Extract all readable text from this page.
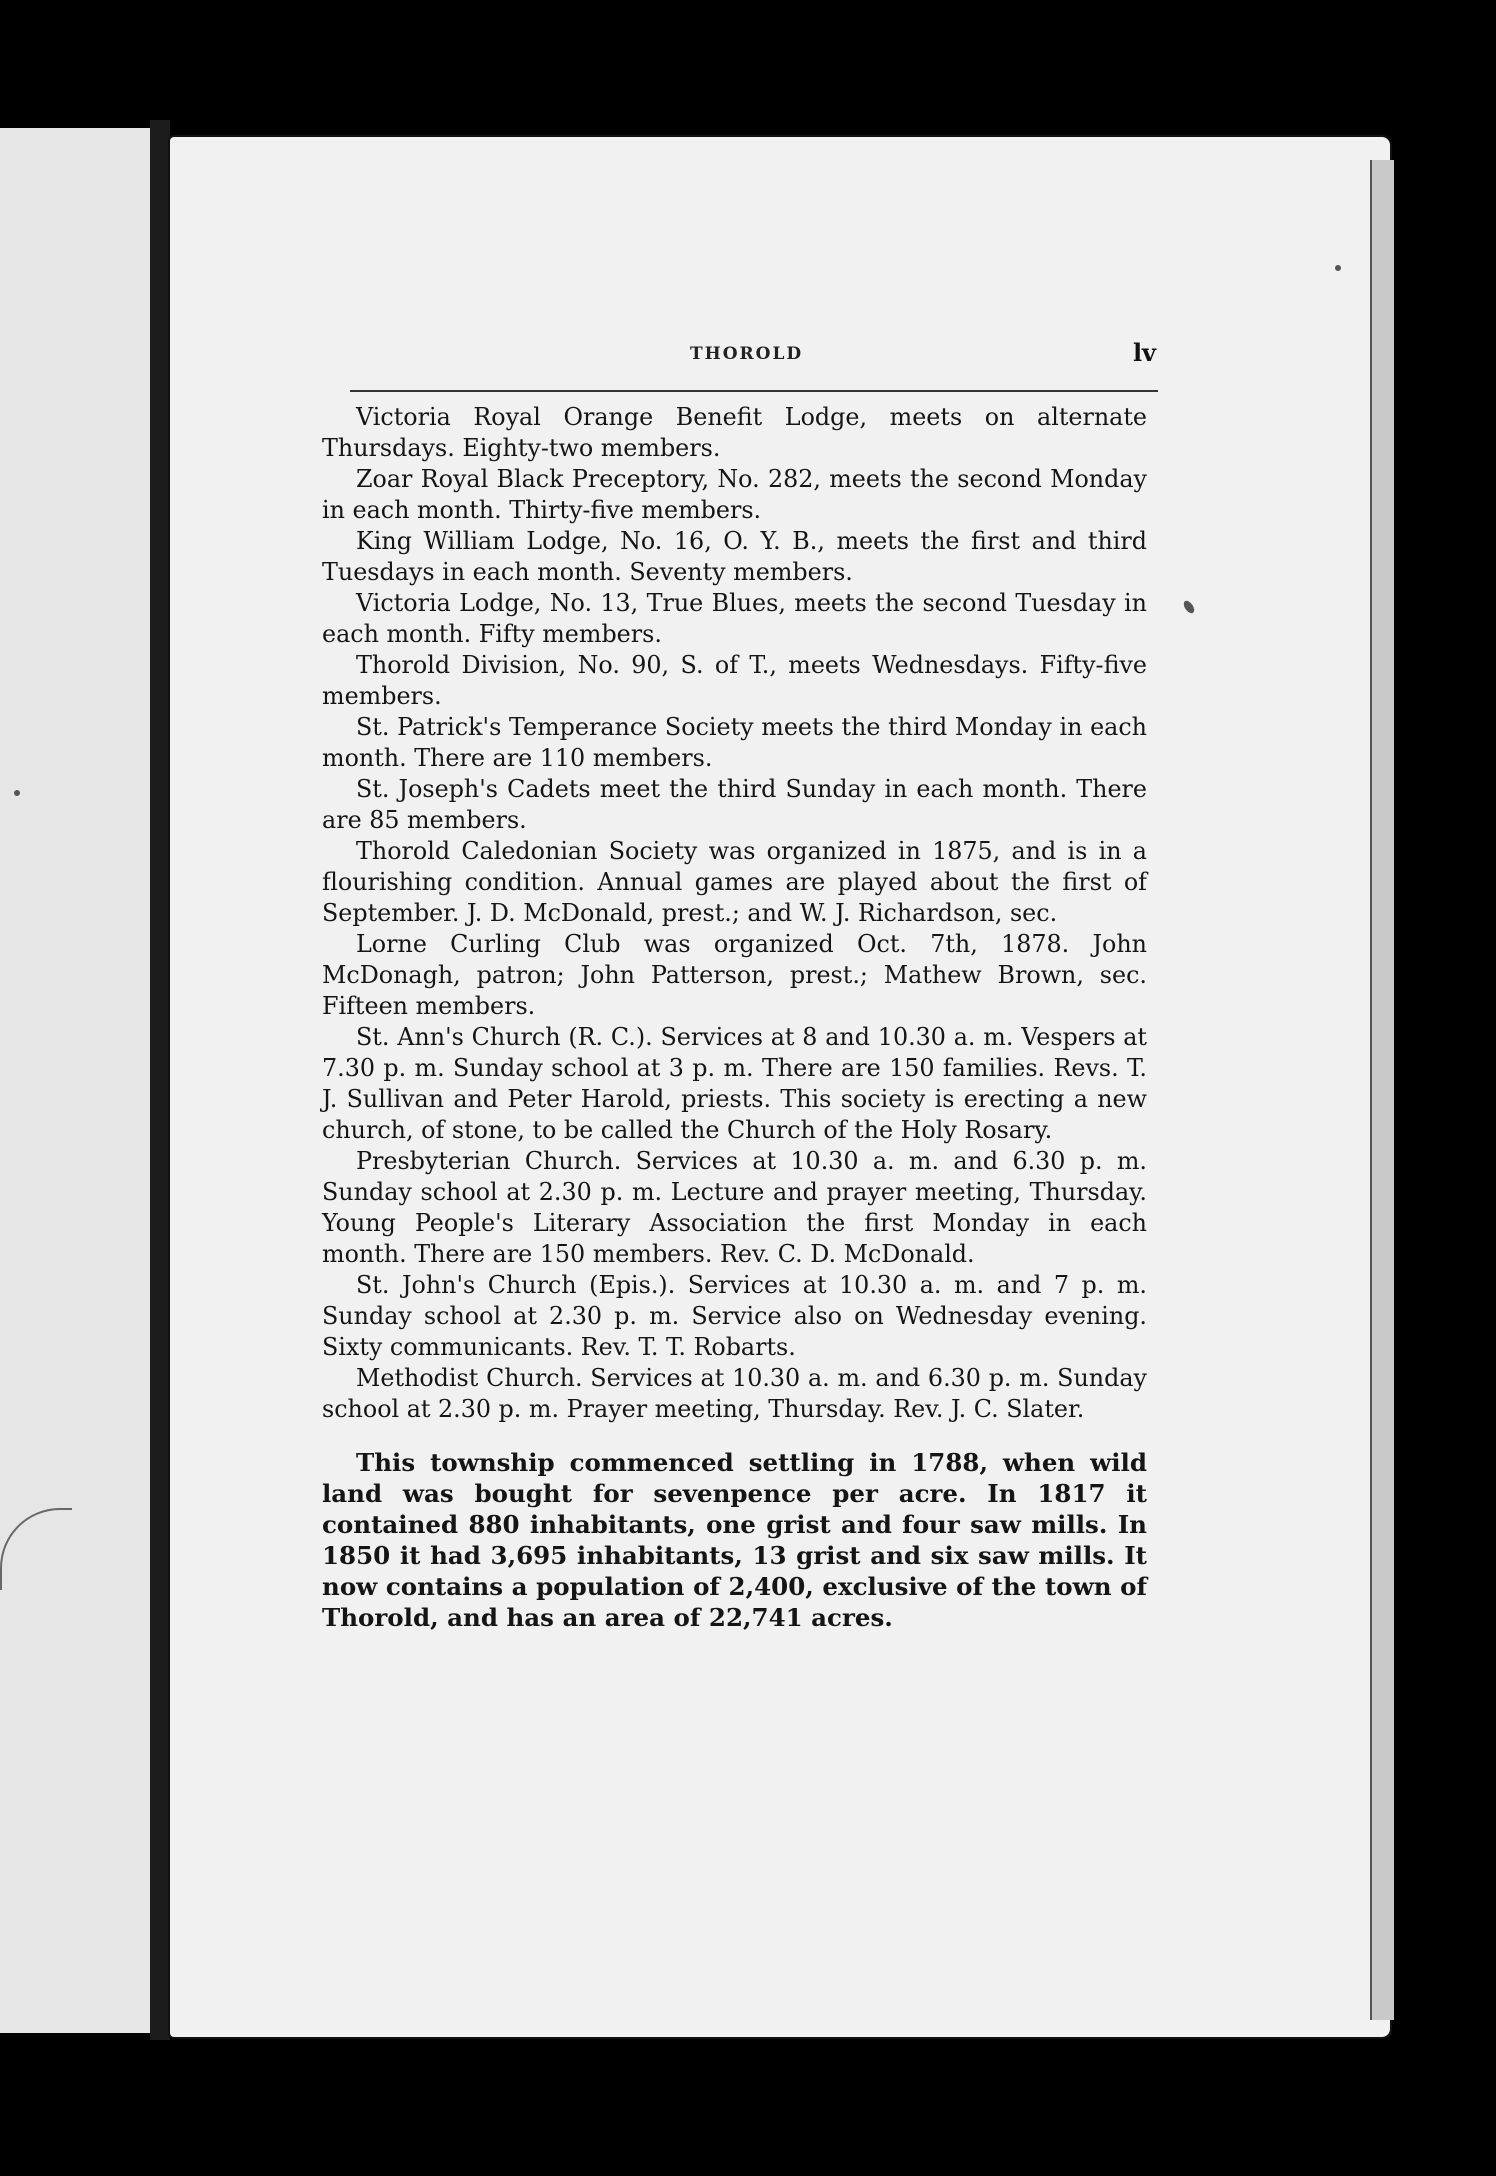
THOROLD	lv

Victoria Royal Orange Benefit Lodge, meets on alternate Thursdays. Eighty-two members.

Zoar Royal Black Preceptory, No. 282, meets the second Monday in each month. Thirty-five members.

King William Lodge, No. 16, O. Y. B., meets the first and third Tuesdays in each month. Seventy members.

Victoria Lodge, No. 13, True Blues, meets the second Tuesday in each month. Fifty members.

Thorold Division, No. 90, S. of T., meets Wednesdays. Fifty-five members.

St. Patrick's Temperance Society meets the third Monday in each month. There are 110 members.

St. Joseph's Cadets meet the third Sunday in each month. There are 85 members.

Thorold Caledonian Society was organized in 1875, and is in a flourishing condition. Annual games are played about the first of September. J. D. McDonald, prest.; and W. J. Richardson, sec.

Lorne Curling Club was organized Oct. 7th, 1878. John McDonagh, patron; John Patterson, prest.; Mathew Brown, sec. Fifteen members.

St. Ann's Church (R. C.). Services at 8 and 10.30 a. m. Vespers at 7.30 p. m. Sunday school at 3 p. m. There are 150 families. Revs. T. J. Sullivan and Peter Harold, priests. This society is erecting a new church, of stone, to be called the Church of the Holy Rosary.

Presbyterian Church. Services at 10.30 a. m. and 6.30 p. m. Sunday school at 2.30 p. m. Lecture and prayer meeting, Thursday. Young People's Literary Association the first Monday in each month. There are 150 members. Rev. C. D. McDonald.

St. John's Church (Epis.). Services at 10.30 a. m. and 7 p. m. Sunday school at 2.30 p. m. Service also on Wednesday evening. Sixty communicants. Rev. T. T. Robarts.

Methodist Church. Services at 10.30 a. m. and 6.30 p. m. Sunday school at 2.30 p. m. Prayer meeting, Thursday. Rev. J. C. Slater.

This township commenced settling in 1788, when wild land was bought for sevenpence per acre. In 1817 it contained 880 inhabitants, one grist and four saw mills. In 1850 it had 3,695 inhabitants, 13 grist and six saw mills. It now contains a population of 2,400, exclusive of the town of Thorold, and has an area of 22,741 acres.
